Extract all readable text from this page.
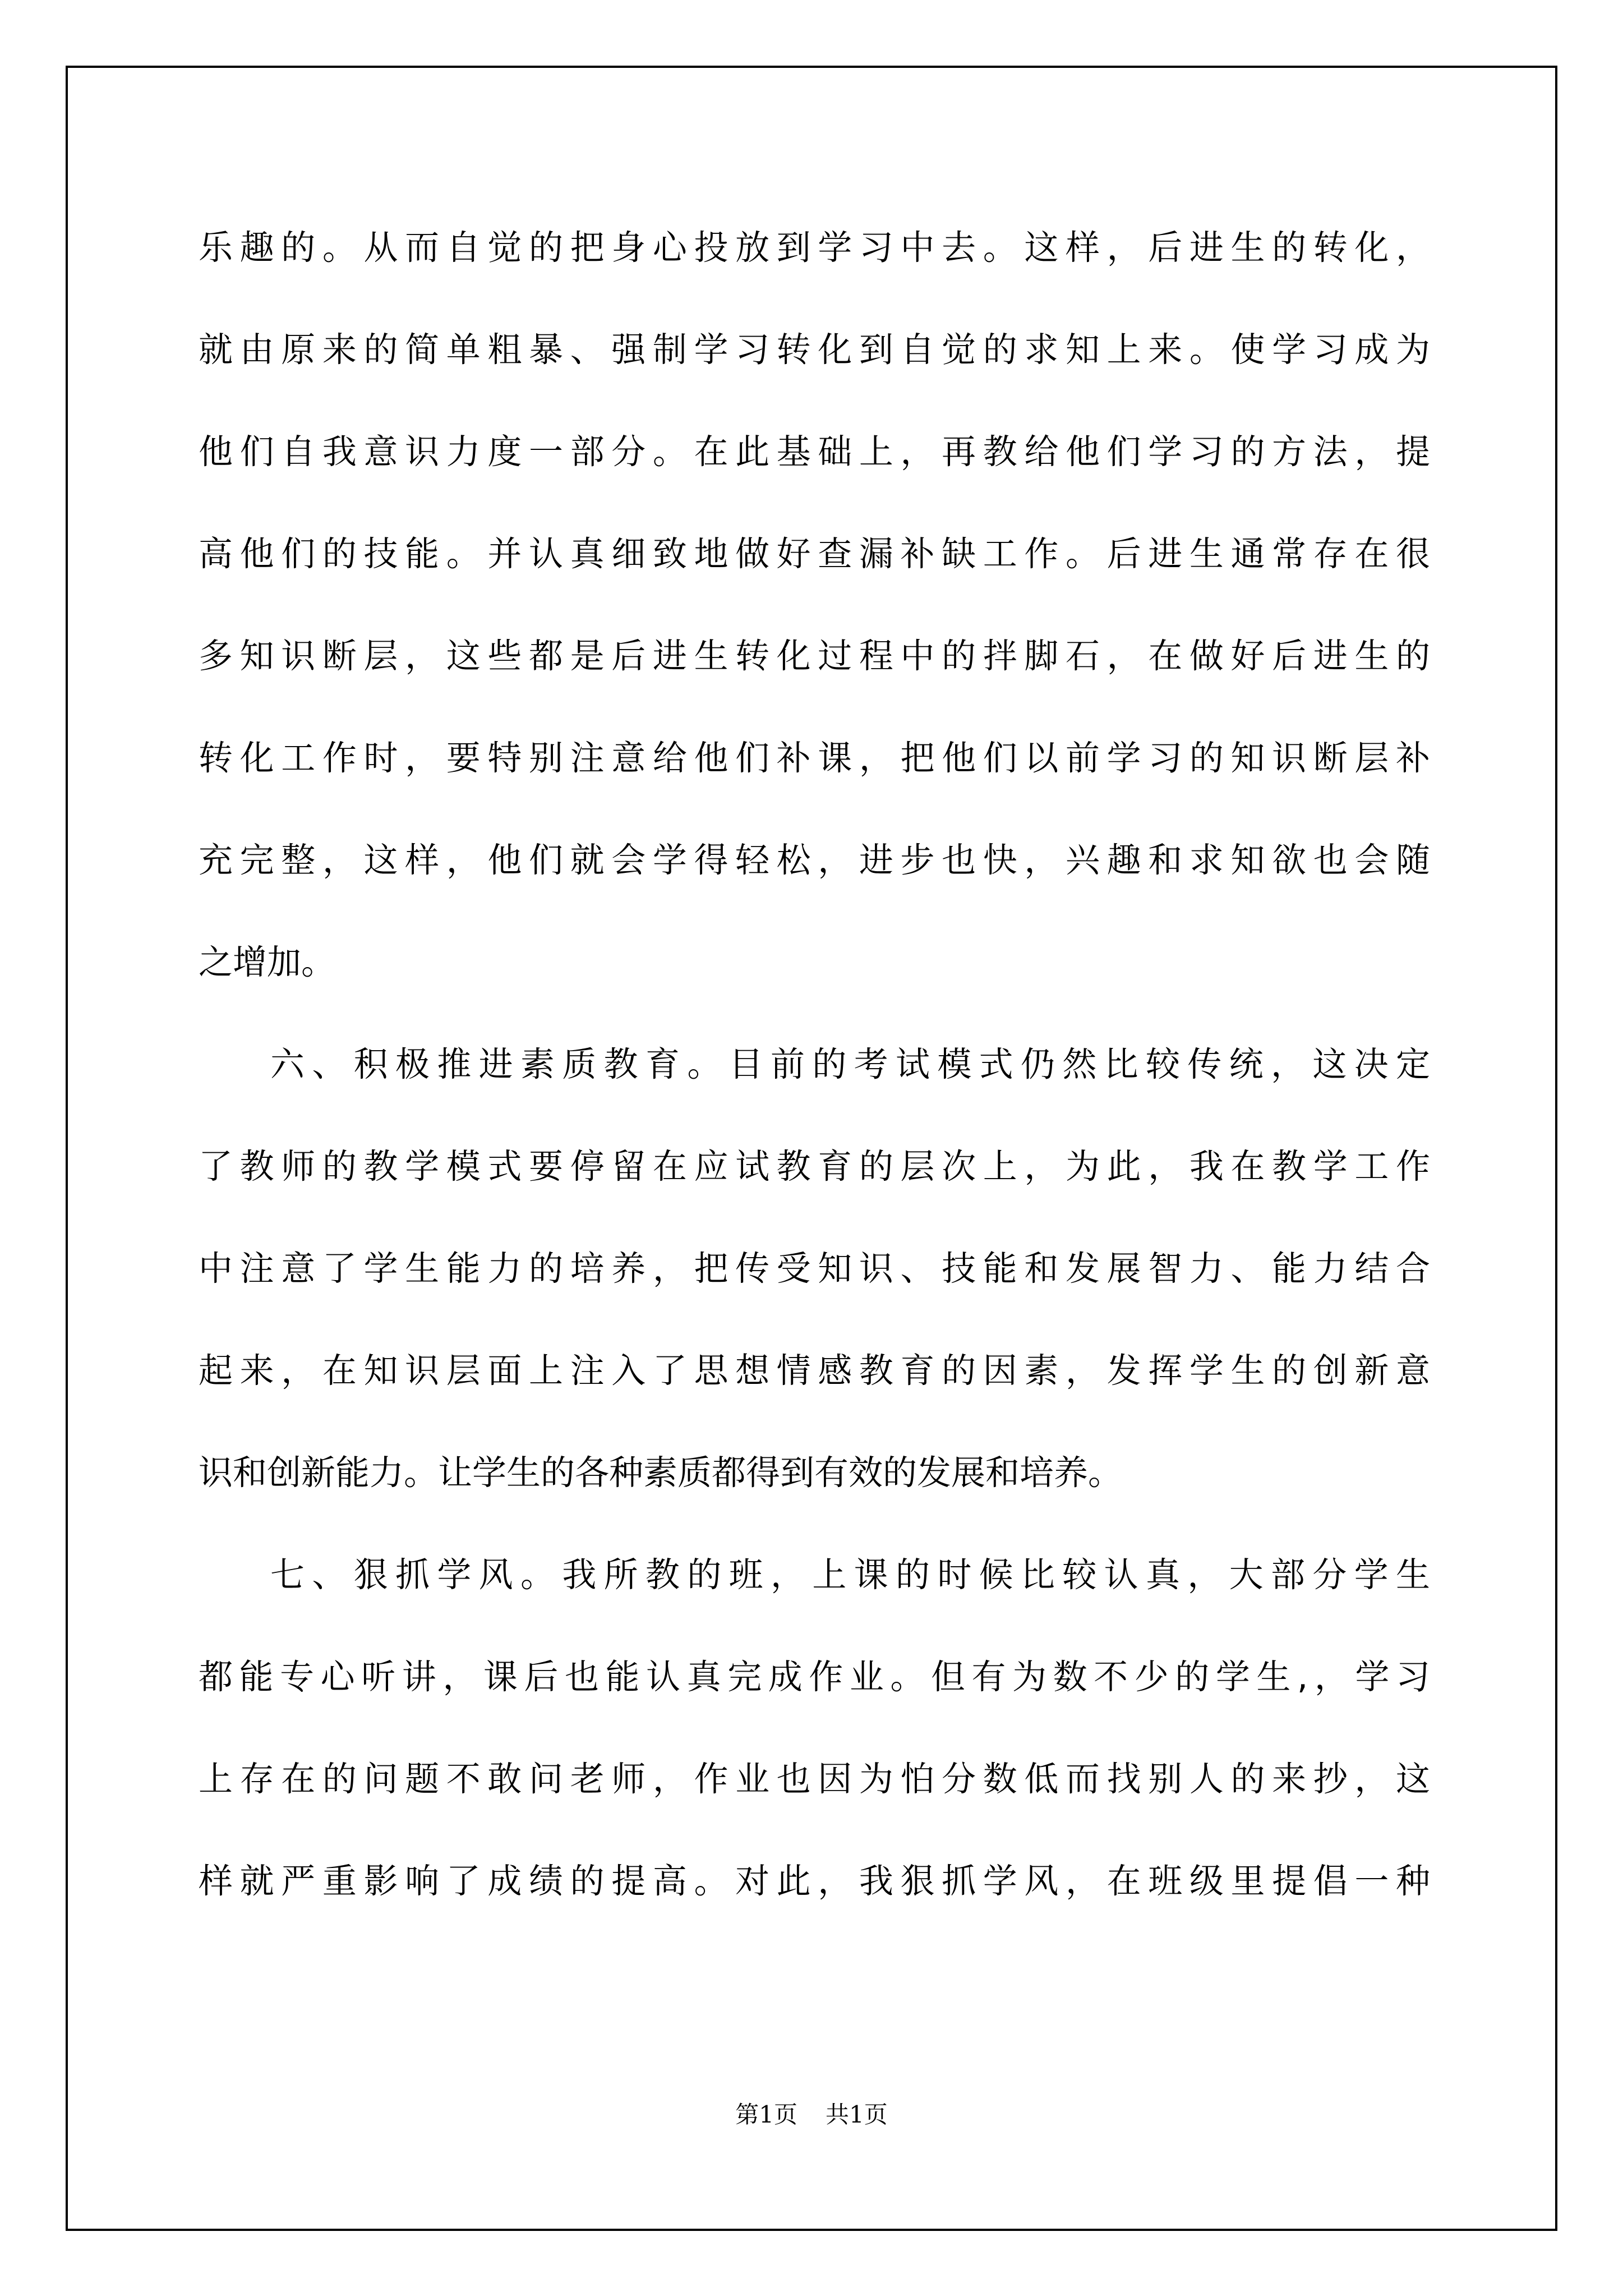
乐趣的。从而自觉的把身心投放到学习中去。这样，后进生的转化，
就由原来的简单粗暴、强制学习转化到自觉的求知上来。使学习成为
他们自我意识力度一部分。在此基础上，再教给他们学习的方法，提
高他们的技能。并认真细致地做好查漏补缺工作。后进生通常存在很
多知识断层，这些都是后进生转化过程中的拌脚石，在做好后进生的
转化工作时，要特别注意给他们补课，把他们以前学习的知识断层补
充完整，这样，他们就会学得轻松，进步也快，兴趣和求知欲也会随
之增加。
六、积极推进素质教育。目前的考试模式仍然比较传统，这决定
了教师的教学模式要停留在应试教育的层次上，为此，我在教学工作
中注意了学生能力的培养，把传受知识、技能和发展智力、能力结合
起来，在知识层面上注入了思想情感教育的因素，发挥学生的创新意
识和创新能力。让学生的各种素质都得到有效的发展和培养。
七、狠抓学风。我所教的班，上课的时候比较认真，大部分学生
都能专心听讲，课后也能认真完成作业。但有为数不少的学生,，学习
上存在的问题不敢问老师，作业也因为怕分数低而找别人的来抄，这
样就严重影响了成绩的提高。对此，我狠抓学风，在班级里提倡一种
第1页 共1页
